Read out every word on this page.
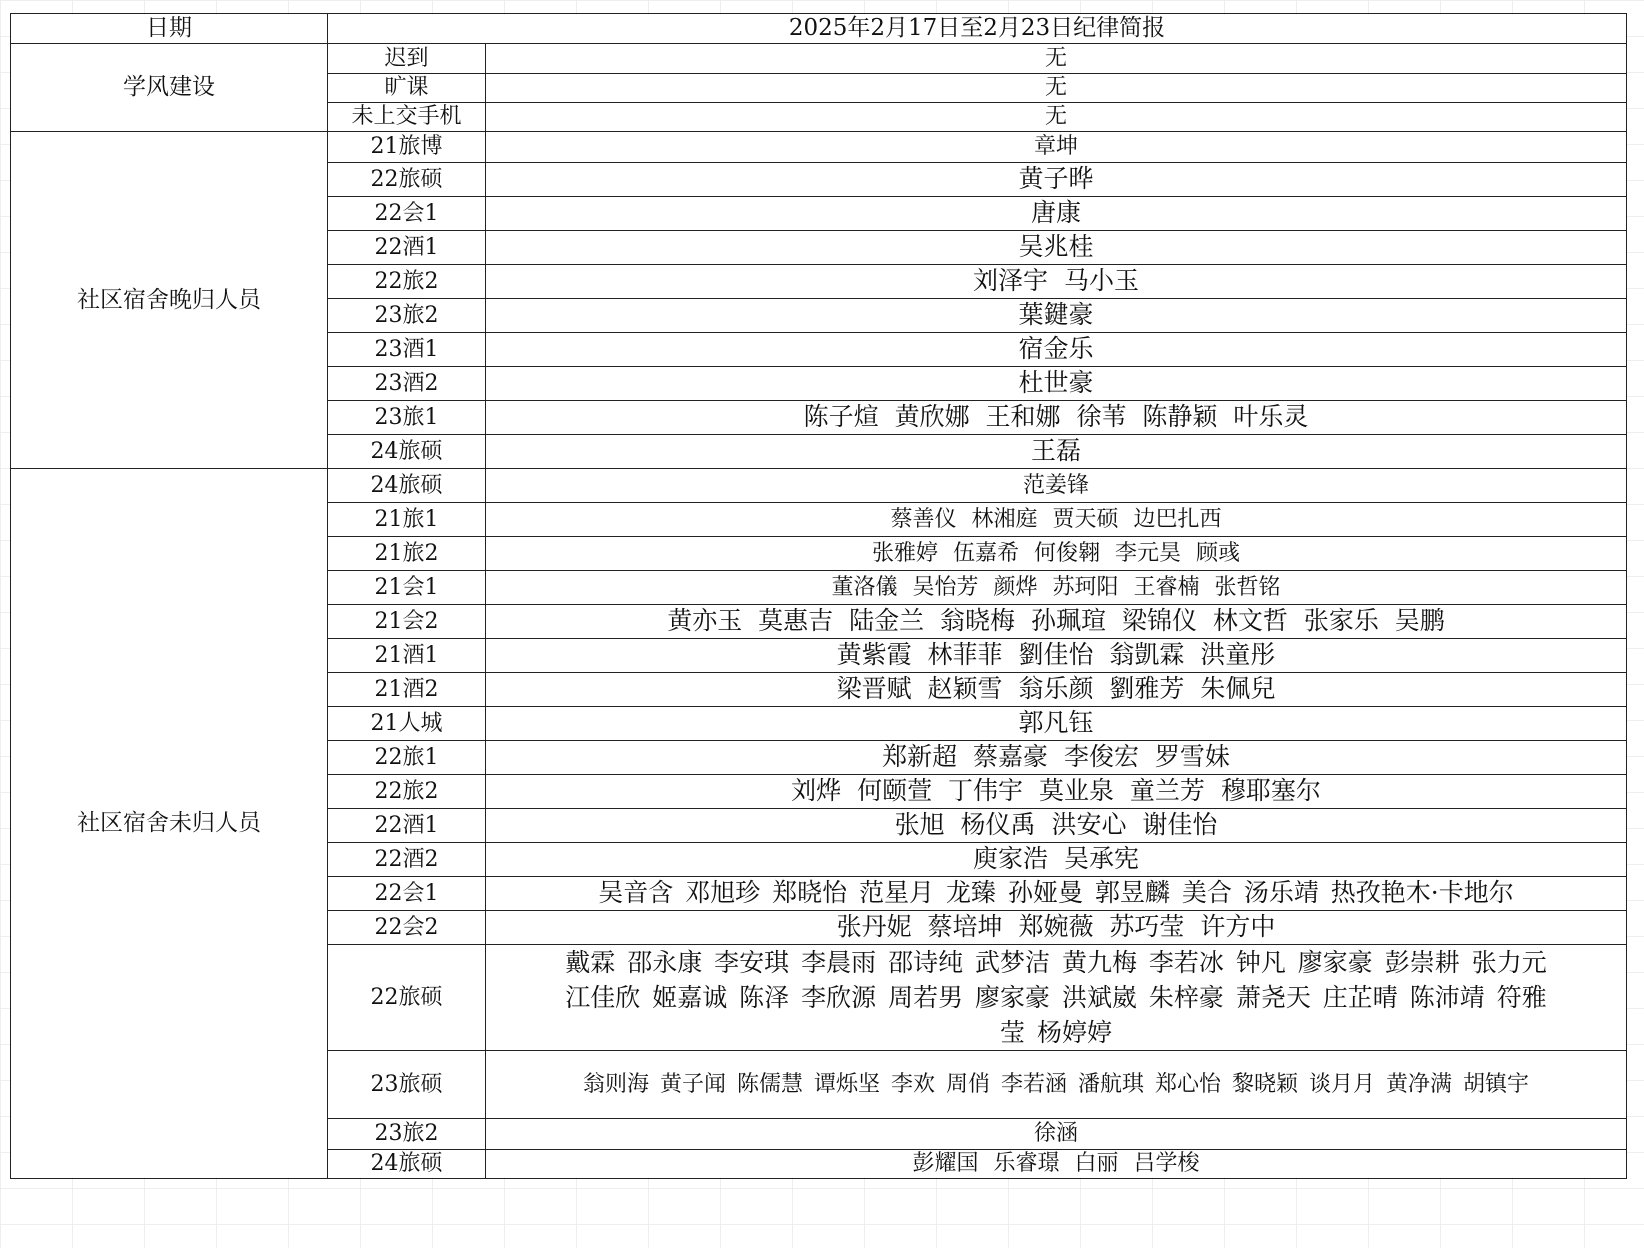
日期	2025年2月17日至2月23日纪律简报	
学风建设	迟到	无
	旷课	无
	未上交手机	无
社区宿舍晚归人员	21旅博	章坤
	22旅硕	黄子晔
	22会1	唐康
	22酒1	吴兆桂
	22旅2	刘泽宇 马小玉
	23旅2	葉鍵豪
	23酒1	宿金乐
	23酒2	杜世豪
	23旅1	陈子煊 黄欣娜 王和娜 徐苇 陈静颖 叶乐灵
	24旅硕	王磊
社区宿舍未归人员	24旅硕	范姜锋
	21旅1	蔡善仪 林湘庭 贾天硕 边巴扎西
	21旅2	张雅婷 伍嘉希 何俊翱 李元昊 顾彧
	21会1	董洛儀 吴怡芳 颜烨 苏珂阳 王睿楠 张哲铭
	21会2	黄亦玉 莫惠吉 陆金兰 翁晓梅 孙珮瑄 梁锦仪 林文哲 张家乐 吴鹏
	21酒1	黄紫霞 林菲菲 劉佳怡 翁凱霖 洪童彤
	21酒2	梁晋赋 赵颖雪 翁乐颜 劉雅芳 朱佩兒
	21人城	郭凡钰
	22旅1	郑新超 蔡嘉豪 李俊宏 罗雪妹
	22旅2	刘烨 何颐萱 丁伟宇 莫业泉 童兰芳 穆耶塞尔
	22酒1	张旭 杨仪禹 洪安心 谢佳怡
	22酒2	庾家浩 吴承宪
	22会1	吴音含 邓旭珍 郑晓怡 范星月 龙臻 孙娅曼 郭昱麟 美合 汤乐靖 热孜艳木·卡地尔
	22会2	张丹妮 蔡培坤 郑婉薇 苏巧莹 许方中
	22旅硕	戴霖 邵永康 李安琪 李晨雨 邵诗纯 武梦洁 黄九梅 李若冰 钟凡 廖家豪 彭崇耕 张力元
江佳欣 姬嘉诚 陈泽 李欣源 周若男 廖家豪 洪斌崴 朱梓豪 萧尧天 庄芷晴 陈沛靖 符雅
莹 杨婷婷

	23旅硕	翁则海 黄子闻 陈儒慧 谭烁坚 李欢 周俏 李若涵 潘航琪 郑心怡 黎晓颖 谈月月 黄净满 胡镇宇
	23旅2	徐涵
	24旅硕	彭耀国 乐睿璟 白丽 吕学梭
